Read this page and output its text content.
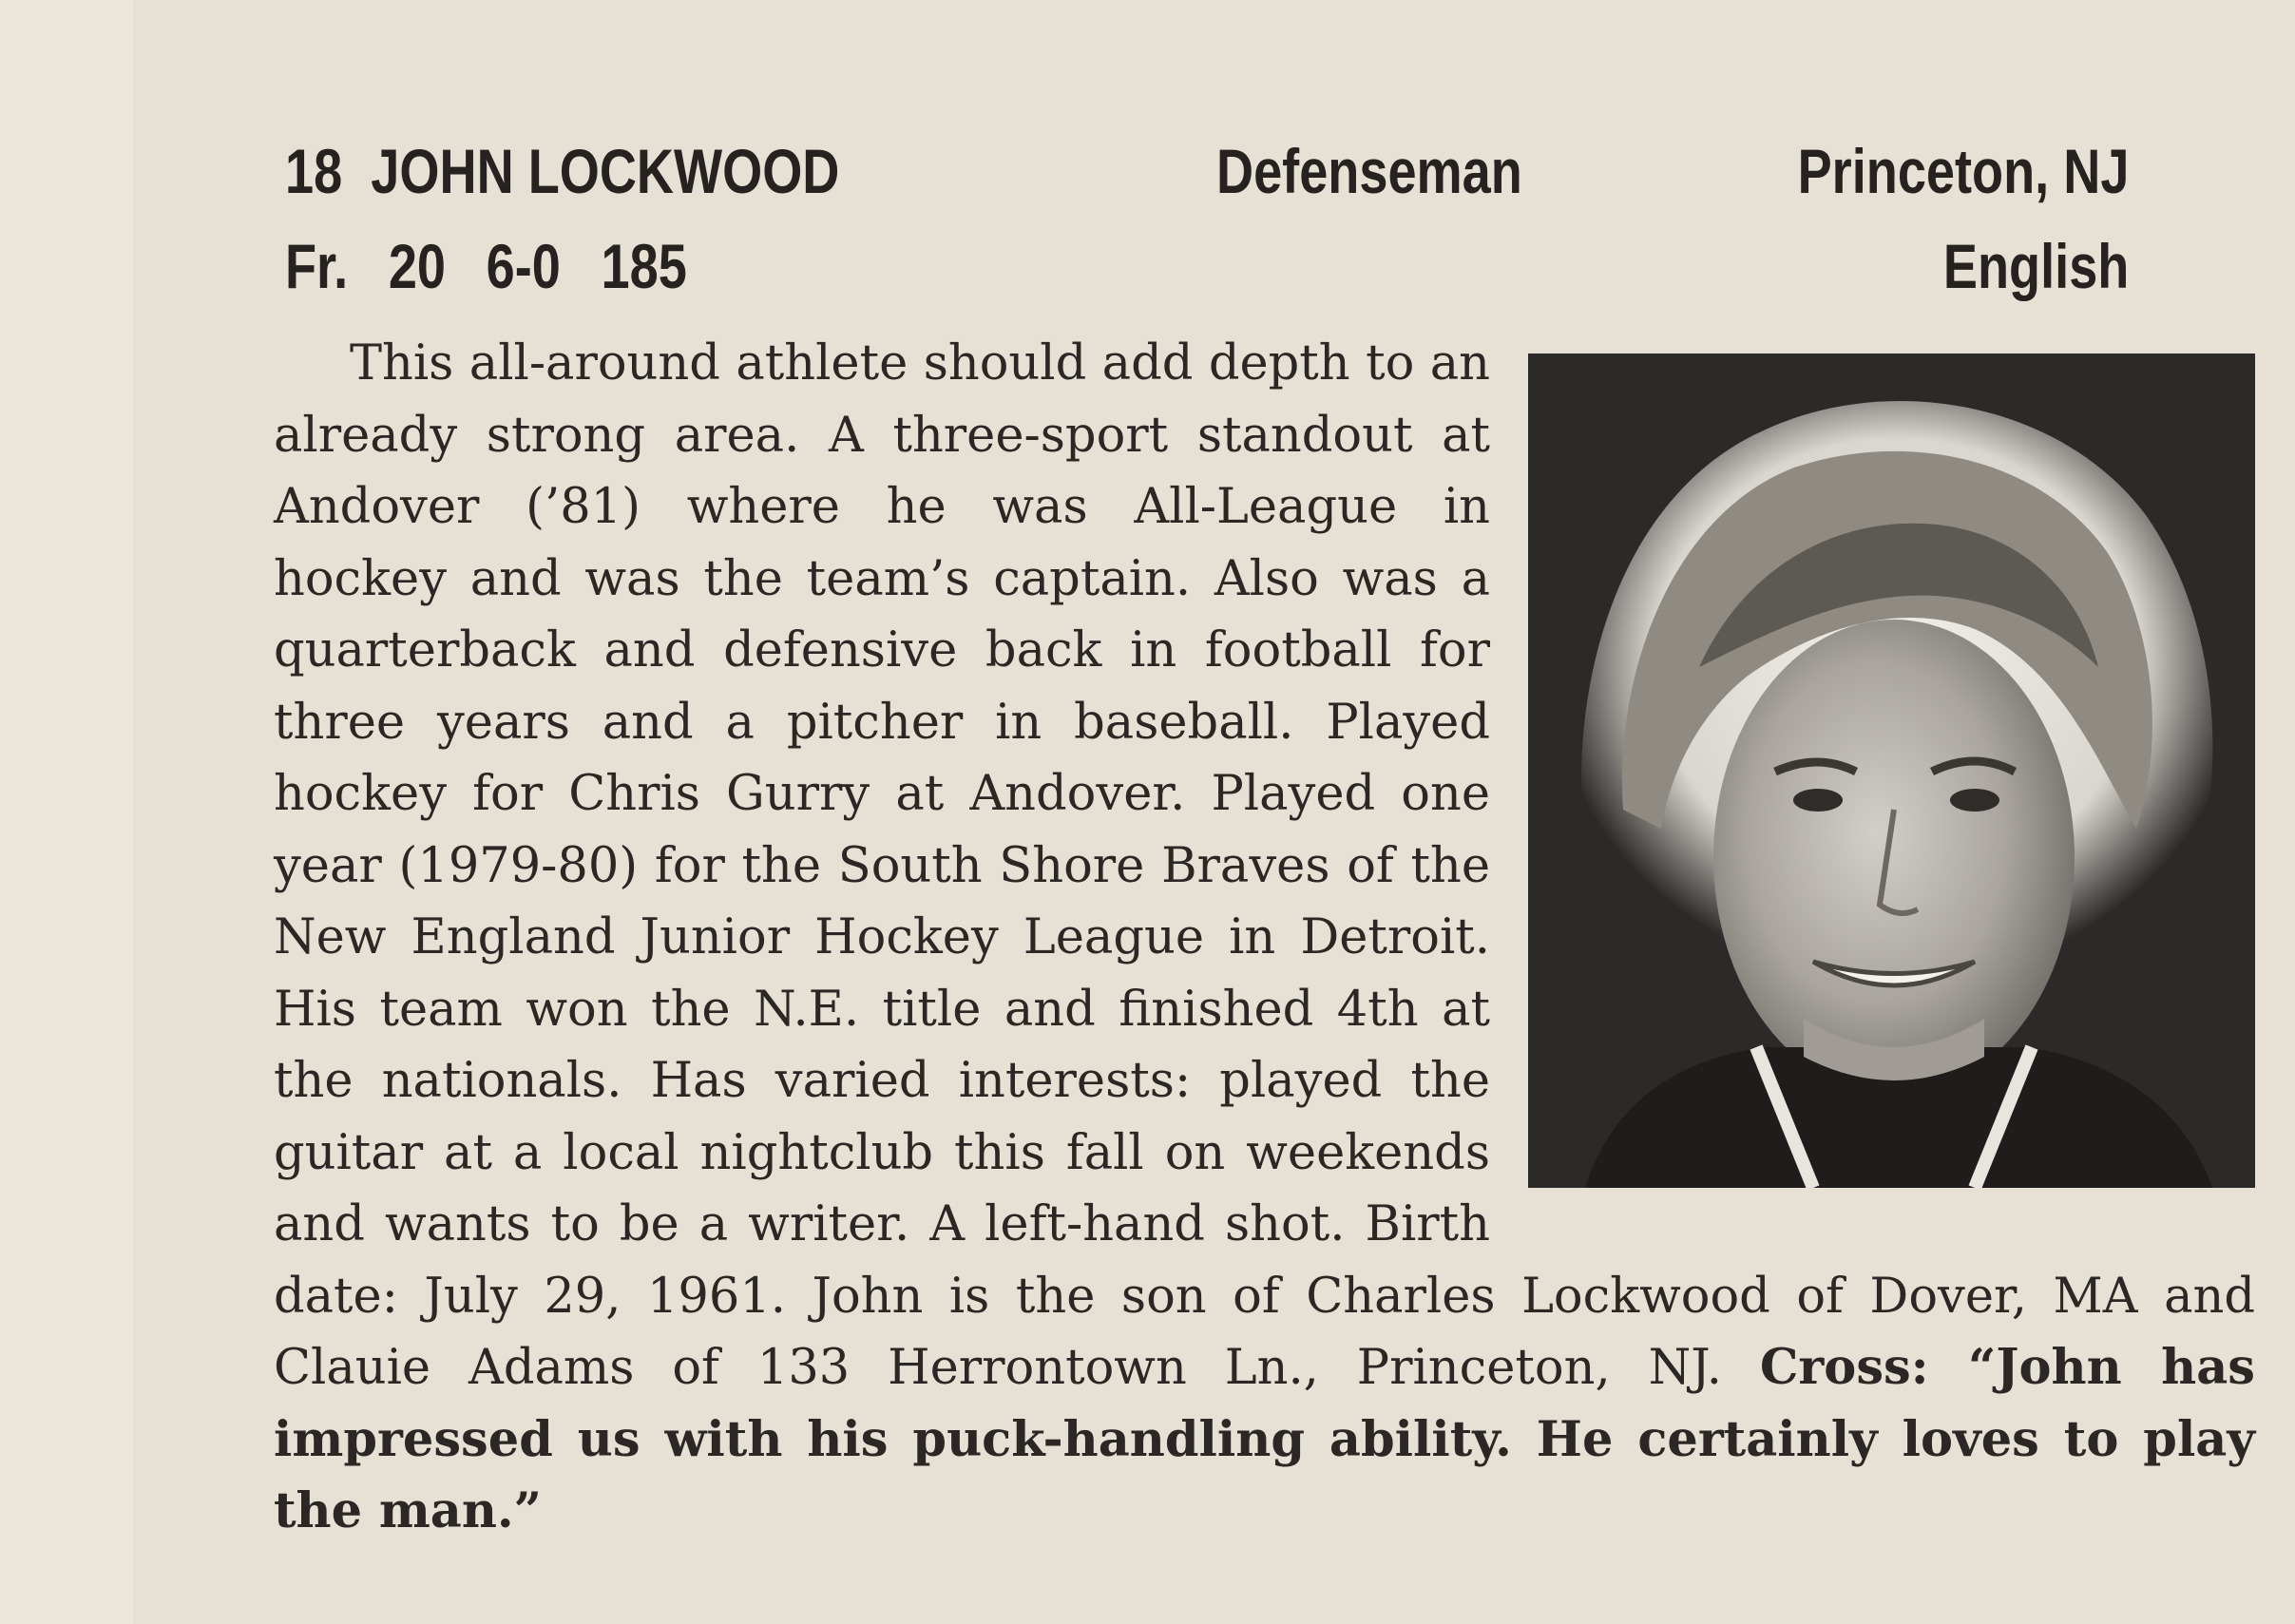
18 JOHN LOCKWOOD	Defenseman	Princeton, NJ
Fr. 20 6-0 185	English

This all-around athlete should add depth to an already strong area. A three-sport standout at Andover (’81) where he was All-League in hockey and was the team’s captain. Also was a quarterback and defensive back in football for three years and a pitcher in baseball. Played hockey for Chris Gurry at Andover. Played one year (1979-80) for the South Shore Braves of the New England Junior Hockey League in Detroit. His team won the N.E. title and finished 4th at the nationals. Has varied interests: played the guitar at a local nightclub this fall on weekends and wants to be a writer. A left-hand shot. Birth date: July 29, 1961. John is the son of Charles Lockwood of Dover, MA and Clauie Adams of 133 Herrontown Ln., Princeton, NJ. Cross: “John has impressed us with his puck-handling ability. He certainly loves to play the man.”
